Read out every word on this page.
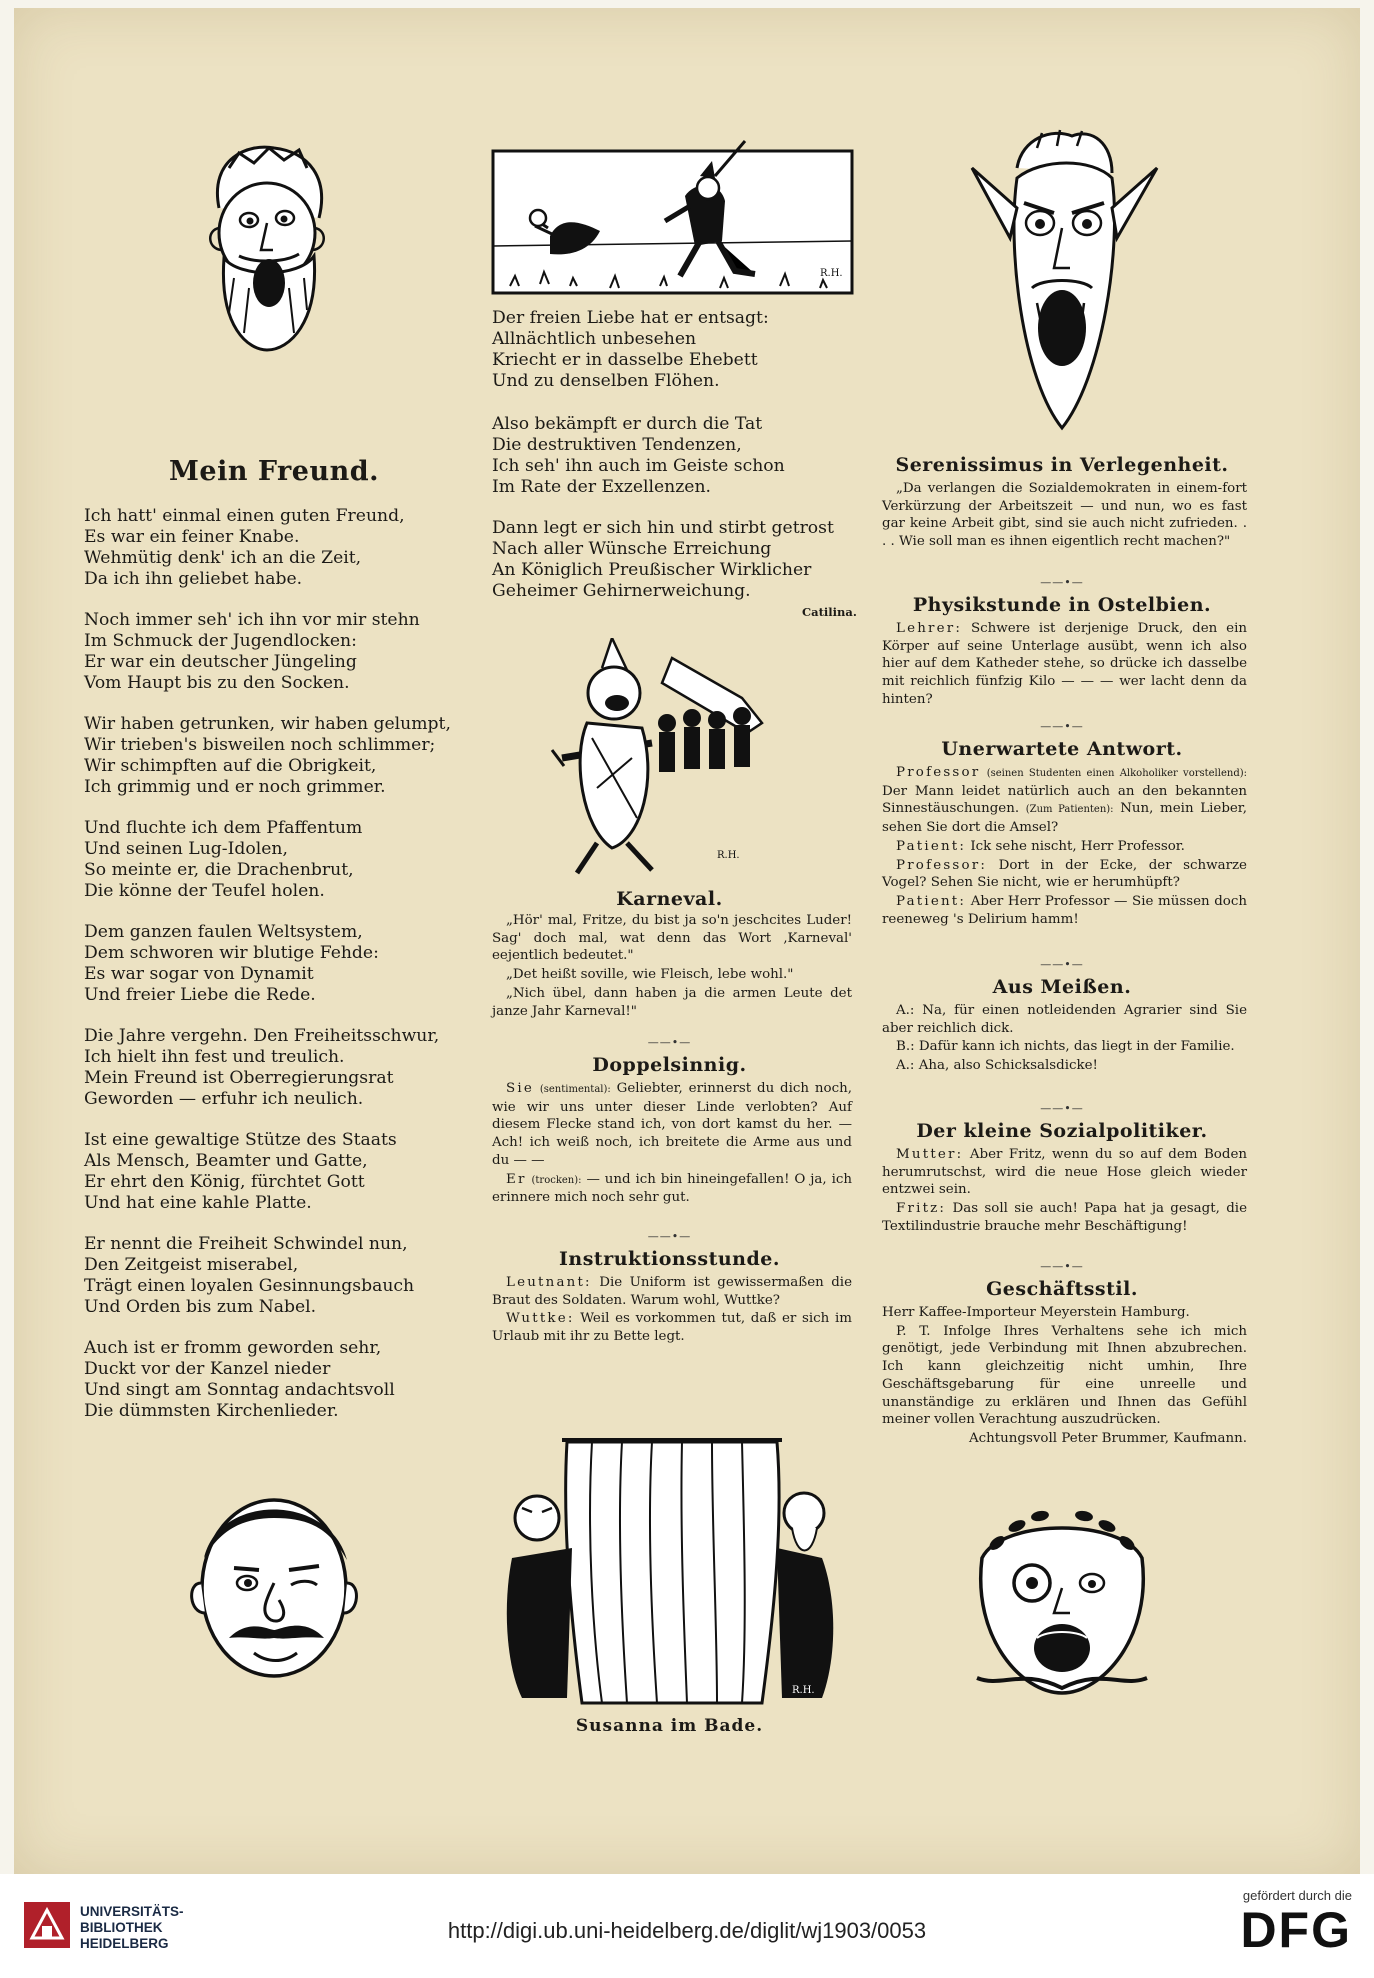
Mein Freund.
Ich hatt' einmal einen guten Freund,
Es war ein feiner Knabe.
Wehmütig denk' ich an die Zeit,
Da ich ihn geliebet habe.
Noch immer seh' ich ihn vor mir stehn
Im Schmuck der Jugendlocken:
Er war ein deutscher Jüngeling
Vom Haupt bis zu den Socken.
Wir haben getrunken, wir haben gelumpt,
Wir trieben's bisweilen noch schlimmer;
Wir schimpften auf die Obrigkeit,
Ich grimmig und er noch grimmer.
Und fluchte ich dem Pfaffentum
Und seinen Lug-Idolen,
So meinte er, die Drachenbrut,
Die könne der Teufel holen.
Dem ganzen faulen Weltsystem,
Dem schworen wir blutige Fehde:
Es war sogar von Dynamit
Und freier Liebe die Rede.
Die Jahre vergehn. Den Freiheitsschwur,
Ich hielt ihn fest und treulich.
Mein Freund ist Oberregierungsrat
Geworden — erfuhr ich neulich.
Ist eine gewaltige Stütze des Staats
Als Mensch, Beamter und Gatte,
Er ehrt den König, fürchtet Gott
Und hat eine kahle Platte.
Er nennt die Freiheit Schwindel nun,
Den Zeitgeist miserabel,
Trägt einen loyalen Gesinnungsbauch
Und Orden bis zum Nabel.
Auch ist er fromm geworden sehr,
Duckt vor der Kanzel nieder
Und singt am Sonntag andachtsvoll
Die dümmsten Kirchenlieder.
R.H.
Der freien Liebe hat er entsagt:
Allnächtlich unbesehen
Kriecht er in dasselbe Ehebett
Und zu denselben Flöhen.
Also bekämpft er durch die Tat
Die destruktiven Tendenzen,
Ich seh' ihn auch im Geiste schon
Im Rate der Exzellenzen.
Dann legt er sich hin und stirbt getrost
Nach aller Wünsche Erreichung
An Königlich Preußischer Wirklicher
Geheimer Gehirnerweichung.
Catilina.
R.H.
Karneval.

„Hör' mal, Fritze, du bist ja so'n jeschcites Luder! Sag' doch mal, wat denn das Wort ‚Karneval' eejentlich bedeutet."

„Det heißt soville, wie Fleisch, lebe wohl."

„Nich übel, dann haben ja die armen Leute det janze Jahr Karneval!"

——•—
Doppelsinnig.

Sie (sentimental): Geliebter, erinnerst du dich noch, wie wir uns unter dieser Linde verlobten? Auf diesem Flecke stand ich, von dort kamst du her. — Ach! ich weiß noch, ich breitete die Arme aus und du — —

Er (trocken): — und ich bin hineingefallen! O ja, ich erinnere mich noch sehr gut.

——•—
Instruktionsstunde.

Leutnant: Die Uniform ist gewissermaßen die Braut des Soldaten. Warum wohl, Wuttke?

Wuttke: Weil es vorkommen tut, daß er sich im Urlaub mit ihr zu Bette legt.

R.H.
Susanna im Bade.
Serenissimus in Verlegenheit.

„Da verlangen die Sozialdemokraten in einem-fort Verkürzung der Arbeitszeit — und nun, wo es fast gar keine Arbeit gibt, sind sie auch nicht zufrieden. . . . Wie soll man es ihnen eigentlich recht machen?"

——•—
Physikstunde in Ostelbien.

Lehrer: Schwere ist derjenige Druck, den ein Körper auf seine Unterlage ausübt, wenn ich also hier auf dem Katheder stehe, so drücke ich dasselbe mit reichlich fünfzig Kilo — — — wer lacht denn da hinten?

——•—
Unerwartete Antwort.

Professor (seinen Studenten einen Alkoholiker vorstellend): Der Mann leidet natürlich auch an den bekannten Sinnestäuschungen. (Zum Patienten): Nun, mein Lieber, sehen Sie dort die Amsel?

Patient: Ick sehe nischt, Herr Professor.

Professor: Dort in der Ecke, der schwarze Vogel? Sehen Sie nicht, wie er herumhüpft?

Patient: Aber Herr Professor — Sie müssen doch reeneweg 's Delirium hamm!

——•—
Aus Meißen.

A.: Na, für einen notleidenden Agrarier sind Sie aber reichlich dick.

B.: Dafür kann ich nichts, das liegt in der Familie.

A.: Aha, also Schicksalsdicke!

——•—
Der kleine Sozialpolitiker.

Mutter: Aber Fritz, wenn du so auf dem Boden herumrutschst, wird die neue Hose gleich wieder entzwei sein.

Fritz: Das soll sie auch! Papa hat ja gesagt, die Textilindustrie brauche mehr Beschäftigung!

——•—
Geschäftsstil.

Herr Kaffee-Importeur Meyerstein Hamburg.

P. T. Infolge Ihres Verhaltens sehe ich mich genötigt, jede Verbindung mit Ihnen abzubrechen. Ich kann gleichzeitig nicht umhin, Ihre Geschäftsgebarung für eine unreelle und unanständige zu erklären und Ihnen das Gefühl meiner vollen Verachtung auszudrücken.

Achtungsvoll Peter Brummer, Kaufmann.

UNIVERSITÄTS-
BIBLIOTHEK
HEIDELBERG
http://digi.ub.uni-heidelberg.de/diglit/wj1903/0053
gefördert durch die
DFG
